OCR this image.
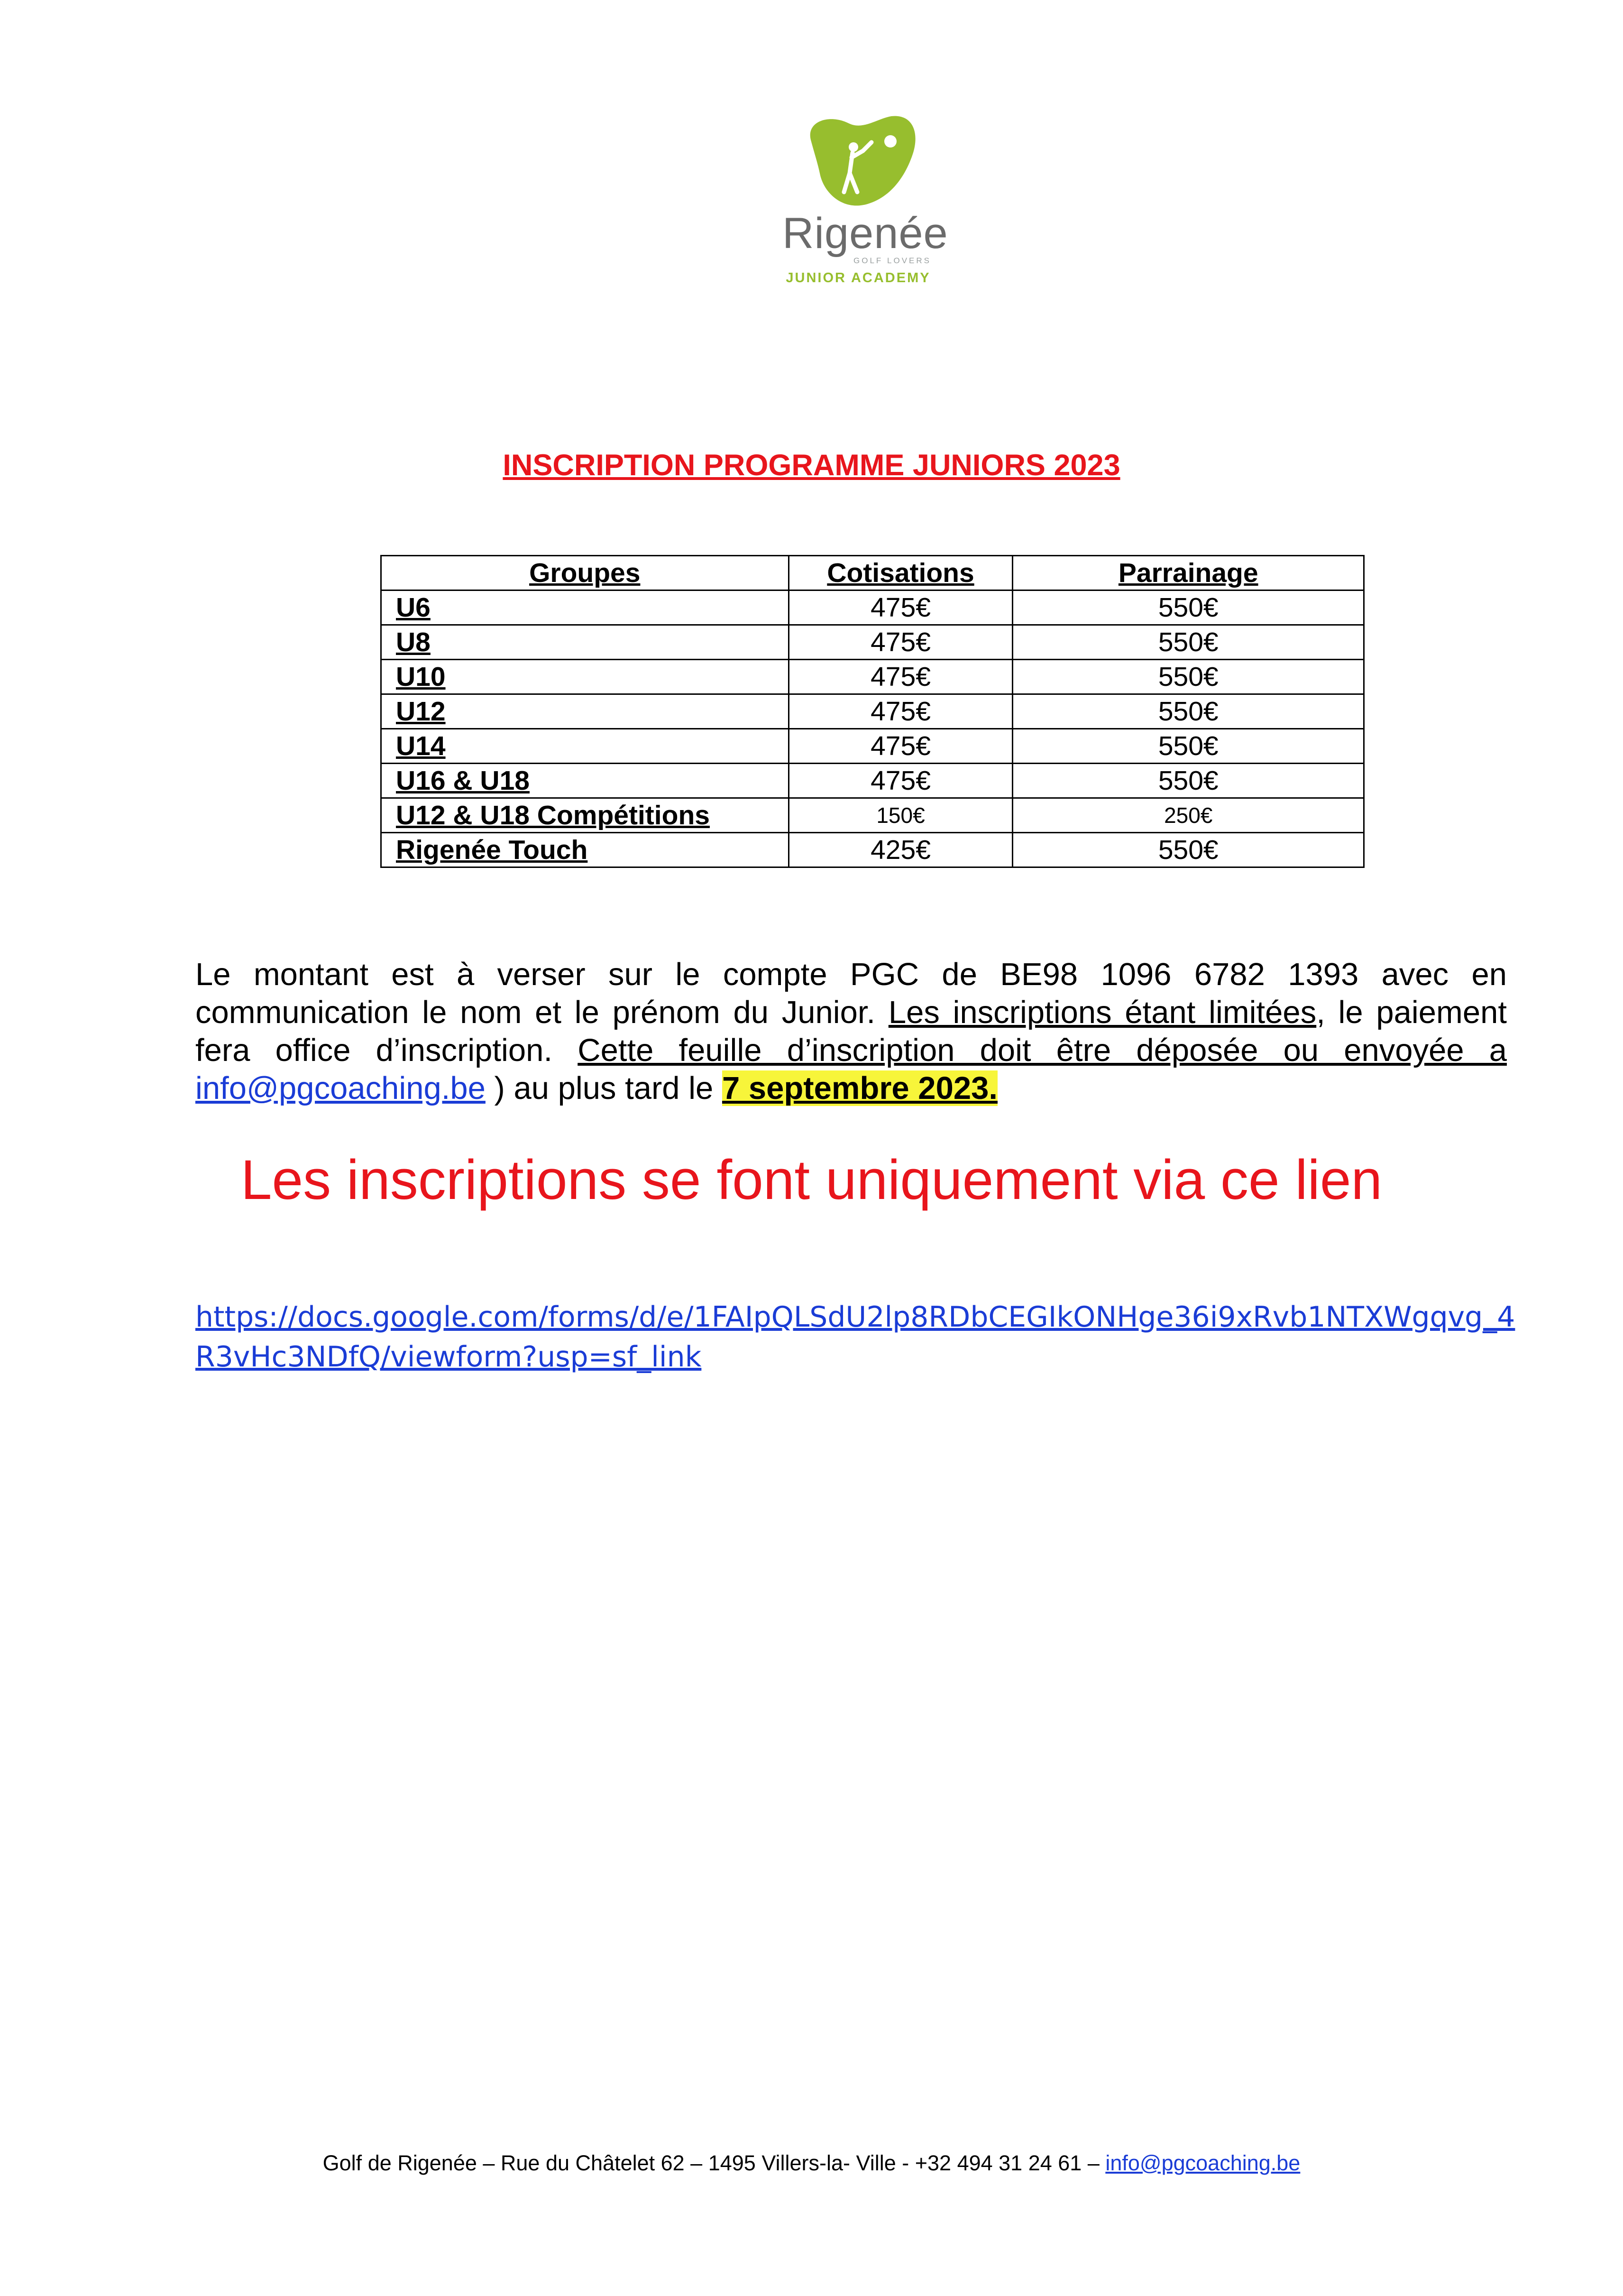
Rigenée
GOLF LOVERS
JUNIOR ACADEMY
INSCRIPTION PROGRAMME JUNIORS 2023
Groupes	Cotisations	Parrainage
U6	475€	550€
U8	475€	550€
U10	475€	550€
U12	475€	550€
U14	475€	550€
U16 & U18	475€	550€
U12 & U18 Compétitions	150€	250€
Rigenée Touch	425€	550€
Le montant est à verser sur le compte PGC de BE98 1096 6782 1393 avec en communication le nom et le prénom du Junior. Les inscriptions étant limitées, le paiement fera office d’inscription. Cette feuille d’inscription doit être déposée ou envoyée a info@pgcoaching.be ) au plus tard le 7 septembre 2023.
Les inscriptions se font uniquement via ce lien
https://docs.google.com/forms/d/e/1FAIpQLSdU2lp8RDbCEGIkONHge36i9xRvb1NTXWgqvg_4R3vHc3NDfQ/viewform?usp=sf_link
Golf de Rigenée – Rue du Châtelet 62 – 1495 Villers-la- Ville - +32 494 31 24 61 – info@pgcoaching.be
